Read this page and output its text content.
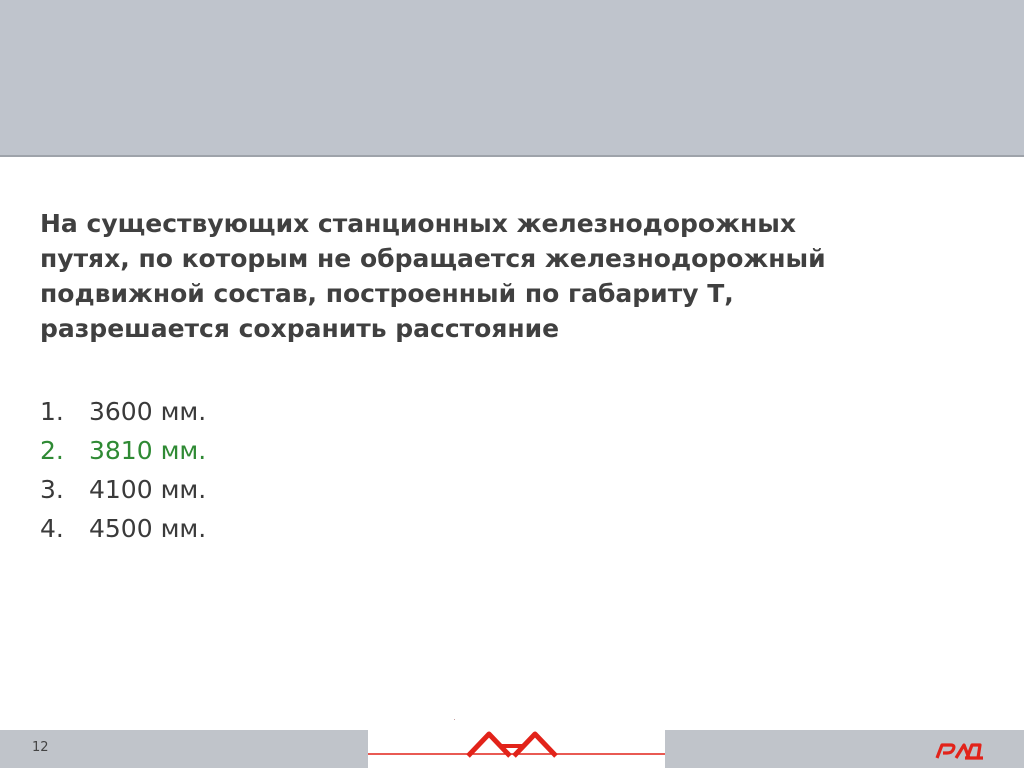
На существующих станционных железнодорожных
путях, по которым не обращается железнодорожный
подвижной состав, построенный по габариту Т,
разрешается сохранить расстояние

1. 3600 мм.
2. 3810 мм.
3. 4100 мм.
4. 4500 мм.
12
